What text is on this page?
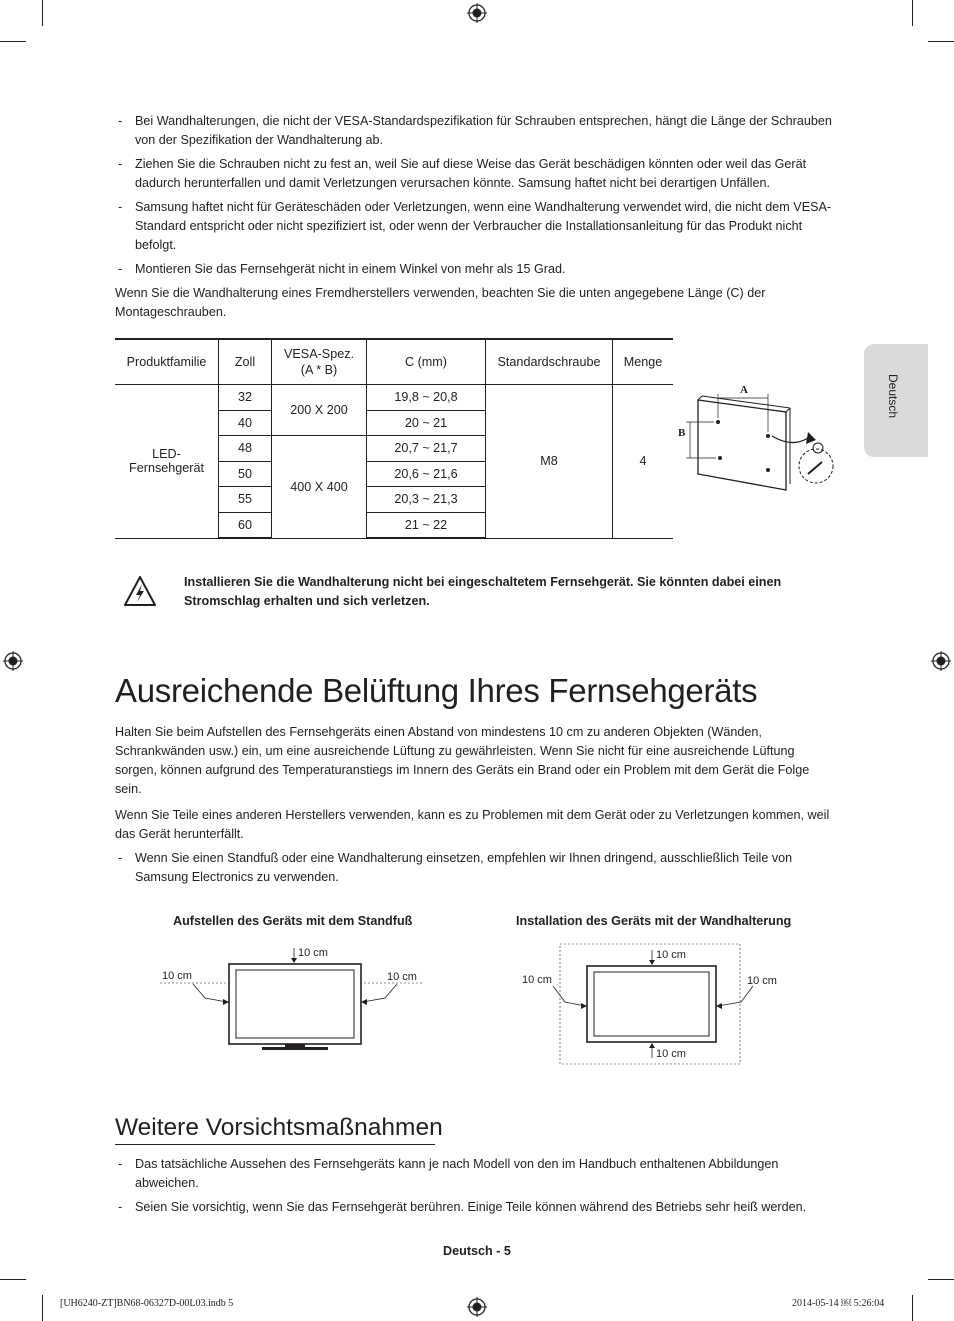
- Bei Wandhalterungen, die nicht der VESA-Standardspezifikation für Schrauben entsprechen, hängt die Länge der Schrauben von der Spezifikation der Wandhalterung ab.
- Ziehen Sie die Schrauben nicht zu fest an, weil Sie auf diese Weise das Gerät beschädigen könnten oder weil das Gerät dadurch herunterfallen und damit Verletzungen verursachen könnte. Samsung haftet nicht bei derartigen Unfällen.
- Samsung haftet nicht für Geräteschäden oder Verletzungen, wenn eine Wandhalterung verwendet wird, die nicht dem VESA-Standard entspricht oder nicht spezifiziert ist, oder wenn der Verbraucher die Installationsanleitung für das Produkt nicht befolgt.
- Montieren Sie das Fernsehgerät nicht in einem Winkel von mehr als 15 Grad.

Wenn Sie die Wandhalterung eines Fremdherstellers verwenden, beachten Sie die unten angegebene Länge (C) der Montageschrauben.

Produktfamilie	Zoll	VESA-Spez. (A * B)	C (mm)	Standardschraube	Menge
LED-Fernsehgerät	32	200 X 200	19,8 ~ 20,8	M8	4
	40		20 ~ 21		
	48	400 X 400	20,7 ~ 21,7		
	50		20,6 ~ 21,6		
	55		20,3 ~ 21,3		
	60		21 ~ 22		
A
B
Deutsch
Installieren Sie die Wandhalterung nicht bei eingeschaltetem Fernsehgerät. Sie könnten dabei einen Stromschlag erhalten und sich verletzen.
Ausreichende Belüftung Ihres Fernsehgeräts

Halten Sie beim Aufstellen des Fernsehgeräts einen Abstand von mindestens 10 cm zu anderen Objekten (Wänden, Schrankwänden usw.) ein, um eine ausreichende Lüftung zu gewährleisten. Wenn Sie nicht für eine ausreichende Lüftung sorgen, können aufgrund des Temperaturanstiegs im Innern des Geräts ein Brand oder ein Problem mit dem Gerät die Folge sein.

Wenn Sie Teile eines anderen Herstellers verwenden, kann es zu Problemen mit dem Gerät oder zu Verletzungen kommen, weil das Gerät herunterfällt.

- Wenn Sie einen Standfuß oder eine Wandhalterung einsetzen, empfehlen wir Ihnen dringend, ausschließlich Teile von Samsung Electronics zu verwenden.
Aufstellen des Geräts mit dem Standfuß	Installation des Geräts mit der Wandhalterung
10 cm
10 cm	10 cm
10 cm
10 cm
10 cm	10 cm
Weitere Vorsichtsmaßnahmen
- Das tatsächliche Aussehen des Fernsehgeräts kann je nach Modell von den im Handbuch enthaltenen Abbildungen abweichen.
- Seien Sie vorsichtig, wenn Sie das Fernsehgerät berühren. Einige Teile können während des Betriebs sehr heiß werden.
Deutsch - 5
[UH6240-ZT]BN68-06327D-00L03.indb 5	2014-05-14 ￼ 5:26:04
